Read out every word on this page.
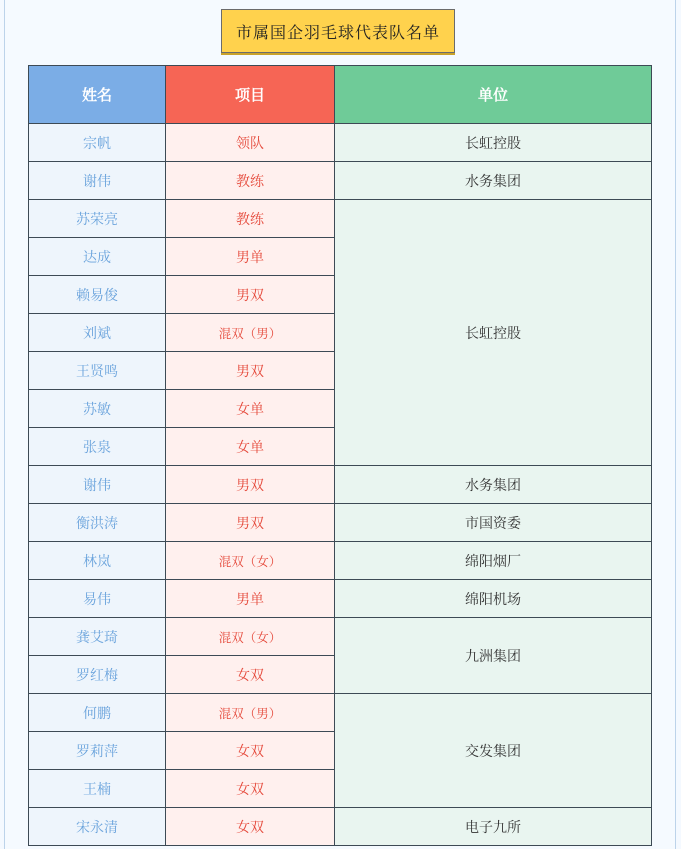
市属国企羽毛球代表队名单
姓名	项目	单位
宗帆	领队	长虹控股
谢伟	教练	水务集团
苏荣亮	教练	长虹控股
达成	男单	
赖易俊	男双	
刘斌	混双（男）	
王贤鸣	男双	
苏敏	女单	
张泉	女单	
谢伟	男双	水务集团
衡洪涛	男双	市国资委
林岚	混双（女）	绵阳烟厂
易伟	男单	绵阳机场
龚艾琦	混双（女）	九洲集团
罗红梅	女双	
何鹏	混双（男）	交发集团
罗莉萍	女双	
王楠	女双	
宋永清	女双	电子九所
